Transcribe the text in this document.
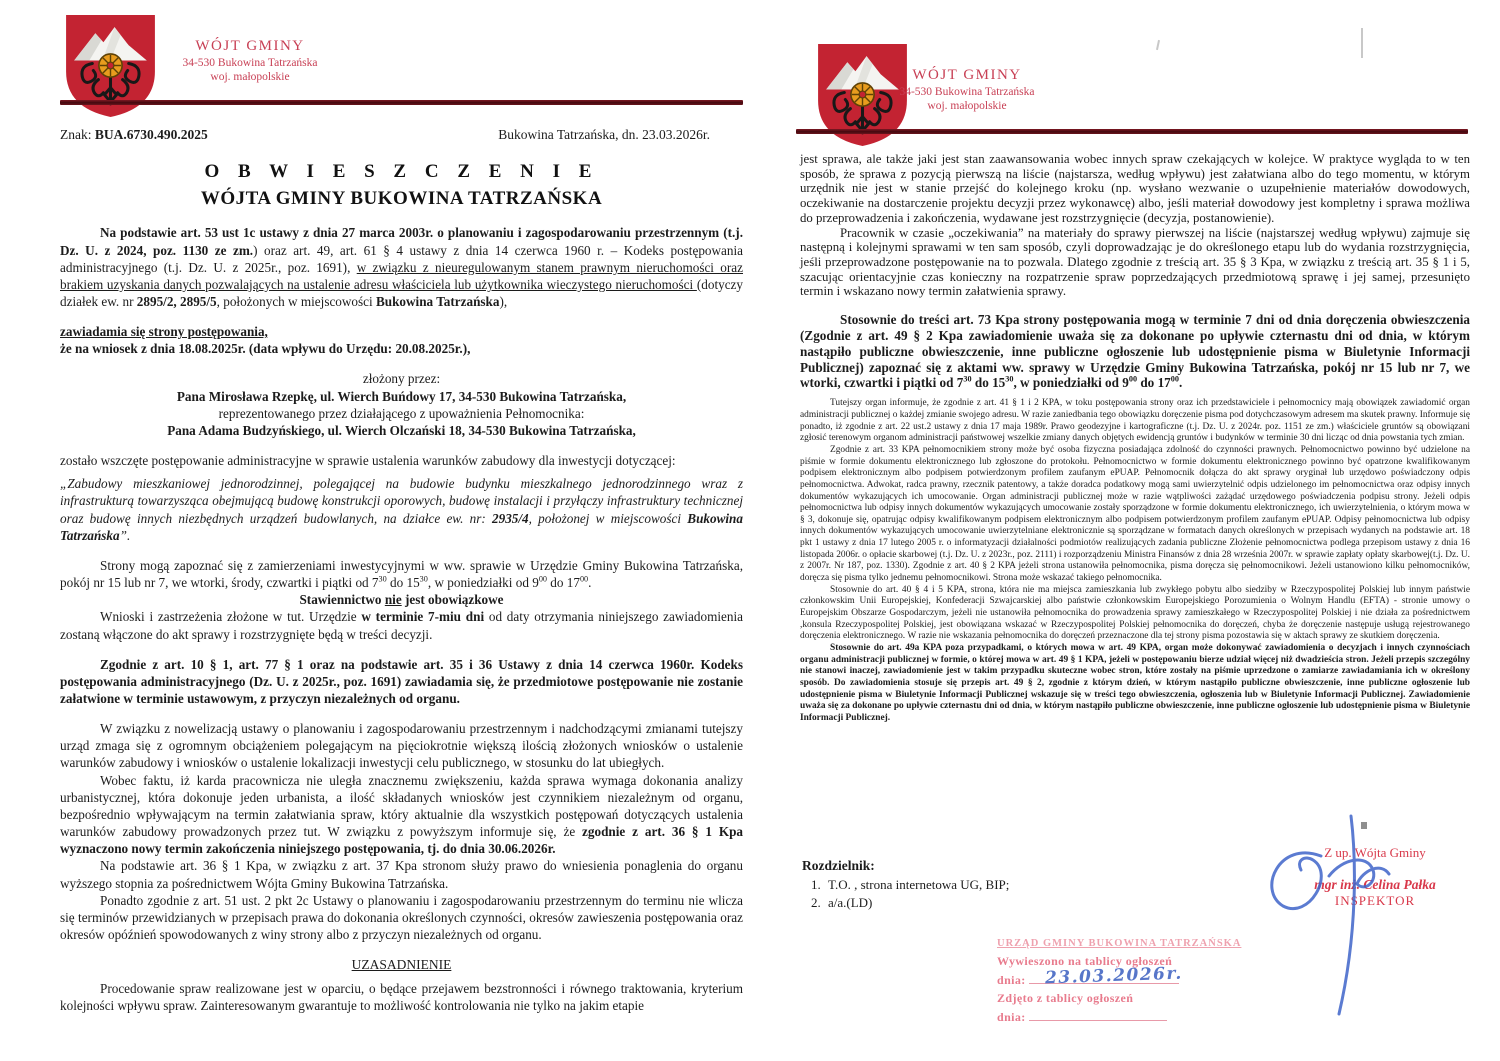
WÓJT GMINY
34-530 Bukowina Tatrzańska
woj. małopolskie
Znak: BUA.6730.490.2025	Bukowina Tatrzańska, dn. 23.03.2026r.
O B W I E S Z C Z E N I E
WÓJTA GMINY BUKOWINA TATRZAŃSKA

Na podstawie art. 53 ust 1c ustawy z dnia 27 marca 2003r. o planowaniu i zagospodarowaniu przestrzennym (t.j. Dz. U. z 2024, poz. 1130 ze zm.) oraz art. 49, art. 61 § 4 ustawy z dnia 14 czerwca 1960 r. – Kodeks postępowania administracyjnego (t.j. Dz. U. z 2025r., poz. 1691), w związku z nieuregulowanym stanem prawnym nieruchomości oraz brakiem uzyskania danych pozwalających na ustalenie adresu właściciela lub użytkownika wieczystego nieruchomości (dotyczy działek ew. nr 2895/2, 2895/5, położonych w miejscowości Bukowina Tatrzańska),

zawiadamia się strony postępowania,

że na wniosek z dnia 18.08.2025r. (data wpływu do Urzędu: 20.08.2025r.),

złożony przez:

Pana Mirosława Rzepkę, ul. Wierch Buńdowy 17, 34-530 Bukowina Tatrzańska,

reprezentowanego przez działającego z upoważnienia Pełnomocnika:

Pana Adama Budzyńskiego, ul. Wierch Olczański 18, 34-530 Bukowina Tatrzańska,

zostało wszczęte postępowanie administracyjne w sprawie ustalenia warunków zabudowy dla inwestycji dotyczącej:

„Zabudowy mieszkaniowej jednorodzinnej, polegającej na budowie budynku mieszkalnego jednorodzinnego wraz z infrastrukturą towarzysząca obejmującą budowę konstrukcji oporowych, budowę instalacji i przyłączy infrastruktury technicznej oraz budowę innych niezbędnych urządzeń budowlanych, na działce ew. nr: 2935/4, położonej w miejscowości Bukowina Tatrzańska”.

Strony mogą zapoznać się z zamierzeniami inwestycyjnymi w ww. sprawie w Urzędzie Gminy Bukowina Tatrzańska, pokój nr 15 lub nr 7, we wtorki, środy, czwartki i piątki od $7^{30}$ do $15^{30}$, w poniedziałki od $9^{00}$ do $17^{00}$.

Stawiennictwo nie jest obowiązkowe

Wnioski i zastrzeżenia złożone w tut. Urzędzie w terminie 7-miu dni od daty otrzymania niniejszego zawiadomienia zostaną włączone do akt sprawy i rozstrzygnięte będą w treści decyzji.

Zgodnie z art. 10 § 1, art. 77 § 1 oraz na podstawie art. 35 i 36 Ustawy z dnia 14 czerwca 1960r. Kodeks postępowania administracyjnego (Dz. U. z 2025r., poz. 1691) zawiadamia się, że przedmiotowe postępowanie nie zostanie załatwione w terminie ustawowym, z przyczyn niezależnych od organu.

W związku z nowelizacją ustawy o planowaniu i zagospodarowaniu przestrzennym i nadchodzącymi zmianami tutejszy urząd zmaga się z ogromnym obciążeniem polegającym na pięciokrotnie większą ilością złożonych wniosków o ustalenie warunków zabudowy i wniosków o ustalenie lokalizacji inwestycji celu publicznego, w stosunku do lat ubiegłych.

Wobec faktu, iż karda pracownicza nie uległa znacznemu zwiększeniu, każda sprawa wymaga dokonania analizy urbanistycznej, która dokonuje jeden urbanista, a ilość składanych wniosków jest czynnikiem niezależnym od organu, bezpośrednio wpływającym na termin załatwiania spraw, który aktualnie dla wszystkich postępowań dotyczących ustalenia warunków zabudowy prowadzonych przez tut. W związku z powyższym informuje się, że zgodnie z art. 36 § 1 Kpa wyznaczono nowy termin zakończenia niniejszego postępowania, tj. do dnia 30.06.2026r.

Na podstawie art. 36 § 1 Kpa, w związku z art. 37 Kpa stronom służy prawo do wniesienia ponaglenia do organu wyższego stopnia za pośrednictwem Wójta Gminy Bukowina Tatrzańska.

Ponadto zgodnie z art. 51 ust. 2 pkt 2c Ustawy o planowaniu i zagospodarowaniu przestrzennym do terminu nie wlicza się terminów przewidzianych w przepisach prawa do dokonania określonych czynności, okresów zawieszenia postępowania oraz okresów opóźnień spowodowanych z winy strony albo z przyczyn niezależnych od organu.

UZASADNIENIE

Procedowanie spraw realizowane jest w oparciu, o będące przejawem bezstronności i równego traktowania, kryterium kolejności wpływu spraw. Zainteresowanym gwarantuje to możliwość kontrolowania nie tylko na jakim etapie

WÓJT GMINY
34-530 Bukowina Tatrzańska
woj. małopolskie

jest sprawa, ale także jaki jest stan zaawansowania wobec innych spraw czekających w kolejce. W praktyce wygląda to w ten sposób, że sprawa z pozycją pierwszą na liście (najstarsza, według wpływu) jest załatwiana albo do tego momentu, w którym urzędnik nie jest w stanie przejść do kolejnego kroku (np. wysłano wezwanie o uzupełnienie materiałów dowodowych, oczekiwanie na dostarczenie projektu decyzji przez wykonawcę) albo, jeśli materiał dowodowy jest kompletny i sprawa możliwa do przeprowadzenia i zakończenia, wydawane jest rozstrzygnięcie (decyzja, postanowienie).

Pracownik w czasie „oczekiwania” na materiały do sprawy pierwszej na liście (najstarszej według wpływu) zajmuje się następną i kolejnymi sprawami w ten sam sposób, czyli doprowadzając je do określonego etapu lub do wydania rozstrzygnięcia, jeśli przeprowadzone postępowanie na to pozwala. Dlatego zgodnie z treścią art. 35 § 3 Kpa, w związku z treścią art. 35 § 1 i 5, szacując orientacyjnie czas konieczny na rozpatrzenie spraw poprzedzających przedmiotową sprawę i jej samej, przesunięto termin i wskazano nowy termin załatwienia sprawy.

Stosownie do treści art. 73 Kpa strony postępowania mogą w terminie 7 dni od dnia doręczenia obwieszczenia (Zgodnie z art. 49 § 2 Kpa zawiadomienie uważa się za dokonane po upływie czternastu dni od dnia, w którym nastąpiło publiczne obwieszczenie, inne publiczne ogłoszenie lub udostępnienie pisma w Biuletynie Informacji Publicznej) zapoznać się z aktami ww. sprawy w Urzędzie Gminy Bukowina Tatrzańska, pokój nr 15 lub nr 7, we wtorki, czwartki i piątki od $7^{30}$ do $15^{30}$, w poniedziałki od $9^{00}$ do $17^{00}$.

Tutejszy organ informuje, że zgodnie z art. 41 § 1 i 2 KPA, w toku postępowania strony oraz ich przedstawiciele i pełnomocnicy mają obowiązek zawiadomić organ administracji publicznej o każdej zmianie swojego adresu. W razie zaniedbania tego obowiązku doręczenie pisma pod dotychczasowym adresem ma skutek prawny. Informuje się ponadto, iż zgodnie z art. 22 ust.2 ustawy z dnia 17 maja 1989r. Prawo geodezyjne i kartograficzne (t.j. Dz. U. z 2024r. poz. 1151 ze zm.) właściciele gruntów są obowiązani zgłosić terenowym organom administracji państwowej wszelkie zmiany danych objętych ewidencją gruntów i budynków w terminie 30 dni licząc od dnia powstania tych zmian.

Zgodnie z art. 33 KPA pełnomocnikiem strony może być osoba fizyczna posiadająca zdolność do czynności prawnych. Pełnomocnictwo powinno być udzielone na piśmie w formie dokumentu elektronicznego lub zgłoszone do protokołu. Pełnomocnictwo w formie dokumentu elektronicznego powinno być opatrzone kwalifikowanym podpisem elektronicznym albo podpisem potwierdzonym profilem zaufanym ePUAP. Pełnomocnik dołącza do akt sprawy oryginał lub urzędowo poświadczony odpis pełnomocnictwa. Adwokat, radca prawny, rzecznik patentowy, a także doradca podatkowy mogą sami uwierzytelnić odpis udzielonego im pełnomocnictwa oraz odpisy innych dokumentów wykazujących ich umocowanie. Organ administracji publicznej może w razie wątpliwości zażądać urzędowego poświadczenia podpisu strony. Jeżeli odpis pełnomocnictwa lub odpisy innych dokumentów wykazujących umocowanie zostały sporządzone w formie dokumentu elektronicznego, ich uwierzytelnienia, o którym mowa w § 3, dokonuje się, opatrując odpisy kwalifikowanym podpisem elektronicznym albo podpisem potwierdzonym profilem zaufanym ePUAP. Odpisy pełnomocnictwa lub odpisy innych dokumentów wykazujących umocowanie uwierzytelniane elektronicznie są sporządzane w formatach danych określonych w przepisach wydanych na podstawie art. 18 pkt 1 ustawy z dnia 17 lutego 2005 r. o informatyzacji działalności podmiotów realizujących zadania publiczne Złożenie pełnomocnictwa podlega przepisom ustawy z dnia 16 listopada 2006r. o opłacie skarbowej (t.j. Dz. U. z 2023r., poz. 2111) i rozporządzeniu Ministra Finansów z dnia 28 września 2007r. w sprawie zapłaty opłaty skarbowej(t.j. Dz. U. z 2007r. Nr 187, poz. 1330). Zgodnie z art. 40 § 2 KPA jeżeli strona ustanowiła pełnomocnika, pisma doręcza się pełnomocnikowi. Jeżeli ustanowiono kilku pełnomocników, doręcza się pisma tylko jednemu pełnomocnikowi. Strona może wskazać takiego pełnomocnika.

Stosownie do art. 40 § 4 i 5 KPA, strona, która nie ma miejsca zamieszkania lub zwykłego pobytu albo siedziby w Rzeczypospolitej Polskiej lub innym państwie członkowskim Unii Europejskiej, Konfederacji Szwajcarskiej albo państwie członkowskim Europejskiego Porozumienia o Wolnym Handlu (EFTA) - stronie umowy o Europejskim Obszarze Gospodarczym, jeżeli nie ustanowiła pełnomocnika do prowadzenia sprawy zamieszkałego w Rzeczypospolitej Polskiej i nie działa za pośrednictwem ,konsula Rzeczypospolitej Polskiej, jest obowiązana wskazać w Rzeczypospolitej Polskiej pełnomocnika do doręczeń, chyba że doręczenie następuje usługą rejestrowanego doręczenia elektronicznego. W razie nie wskazania pełnomocnika do doręczeń przeznaczone dla tej strony pisma pozostawia się w aktach sprawy ze skutkiem doręczenia.

Stosownie do art. 49a KPA poza przypadkami, o których mowa w art. 49 KPA, organ może dokonywać zawiadomienia o decyzjach i innych czynnościach organu administracji publicznej w formie, o której mowa w art. 49 § 1 KPA, jeżeli w postępowaniu bierze udział więcej niż dwadzieścia stron. Jeżeli przepis szczególny nie stanowi inaczej, zawiadomienie jest w takim przypadku skuteczne wobec stron, które zostały na piśmie uprzedzone o zamiarze zawiadamiania ich w określony sposób. Do zawiadomienia stosuje się przepis art. 49 § 2, zgodnie z którym dzień, w którym nastąpiło publiczne obwieszczenie, inne publiczne ogłoszenie lub udostępnienie pisma w Biuletynie Informacji Publicznej wskazuje się w treści tego obwieszczenia, ogłoszenia lub w Biuletynie Informacji Publicznej. Zawiadomienie uważa się za dokonane po upływie czternastu dni od dnia, w którym nastąpiło publiczne obwieszczenie, inne publiczne ogłoszenie lub udostępnienie pisma w Biuletynie Informacji Publicznej.

Rozdzielnik:
1. T.O. , strona internetowa UG, BIP;
2. a/a.(LD)
Z up. Wójta Gminy
mgr inż. Celina Pałka
INSPEKTOR
URZĄD GMINY BUKOWINA TATRZAŃSKA
Wywieszono na tablicy ogłoszeń
dnia: 23.03.2026r.
Zdjęto z tablicy ogłoszeń
dnia:
